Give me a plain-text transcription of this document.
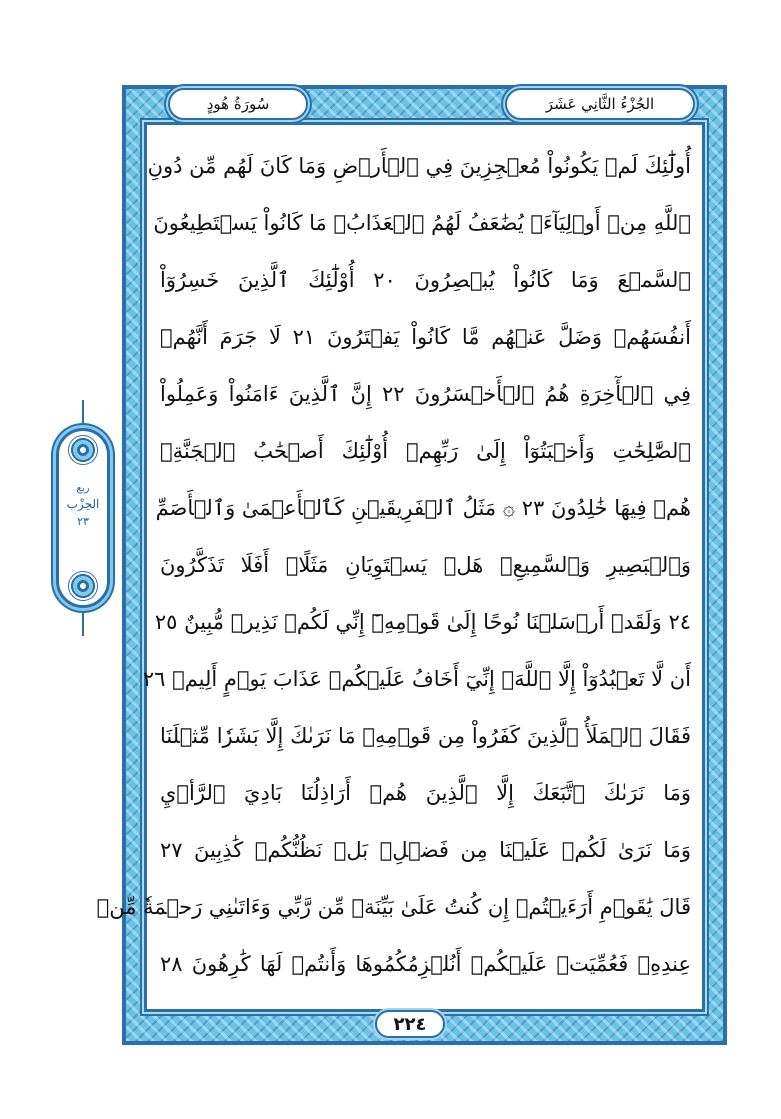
الجُزْءُ الثَّانِي عَشَرَ
سُورَةُ هُودٍ
ربع
الحِزْب
٢٣
أُولَٰٓئِكَ لَمۡ يَكُونُواْ مُعۡجِزِينَ فِي ٱلۡأَرۡضِ وَمَا كَانَ لَهُم مِّن دُونِ
ٱللَّهِ مِنۡ أَوۡلِيَآءَۘ يُضَٰعَفُ لَهُمُ ٱلۡعَذَابُۚ مَا كَانُواْ يَسۡتَطِيعُونَ
ٱلسَّمۡعَ وَمَا كَانُواْ يُبۡصِرُونَ ٢٠ أُوْلَٰٓئِكَ ٱلَّذِينَ خَسِرُوٓاْ
أَنفُسَهُمۡ وَضَلَّ عَنۡهُم مَّا كَانُواْ يَفۡتَرُونَ ٢١ لَا جَرَمَ أَنَّهُمۡ
فِي ٱلۡأٓخِرَةِ هُمُ ٱلۡأَخۡسَرُونَ ٢٢ إِنَّ ٱلَّذِينَ ءَامَنُواْ وَعَمِلُواْ
ٱلصَّٰلِحَٰتِ وَأَخۡبَتُوٓاْ إِلَىٰ رَبِّهِمۡ أُوْلَٰٓئِكَ أَصۡحَٰبُ ٱلۡجَنَّةِۖ
هُمۡ فِيهَا خَٰلِدُونَ ٢٣ ۞ مَثَلُ ٱلۡفَرِيقَيۡنِ كَٱلۡأَعۡمَىٰ وَٱلۡأَصَمِّ
وَٱلۡبَصِيرِ وَٱلسَّمِيعِۚ هَلۡ يَسۡتَوِيَانِ مَثَلًاۚ أَفَلَا تَذَكَّرُونَ
٢٤ وَلَقَدۡ أَرۡسَلۡنَا نُوحًا إِلَىٰ قَوۡمِهِۦٓ إِنِّي لَكُمۡ نَذِيرٞ مُّبِينٌ ٢٥
أَن لَّا تَعۡبُدُوٓاْ إِلَّا ٱللَّهَۖ إِنِّيٓ أَخَافُ عَلَيۡكُمۡ عَذَابَ يَوۡمٍ أَلِيمٖ ٢٦
فَقَالَ ٱلۡمَلَأُ ٱلَّذِينَ كَفَرُواْ مِن قَوۡمِهِۦ مَا نَرَىٰكَ إِلَّا بَشَرٗا مِّثۡلَنَا
وَمَا نَرَىٰكَ ٱتَّبَعَكَ إِلَّا ٱلَّذِينَ هُمۡ أَرَاذِلُنَا بَادِيَ ٱلرَّأۡيِ
وَمَا نَرَىٰ لَكُمۡ عَلَيۡنَا مِن فَضۡلِۭ بَلۡ نَظُنُّكُمۡ كَٰذِبِينَ ٢٧
قَالَ يَٰقَوۡمِ أَرَءَيۡتُمۡ إِن كُنتُ عَلَىٰ بَيِّنَةٖ مِّن رَّبِّي وَءَاتَىٰنِي رَحۡمَةٗ مِّنۡ
عِندِهِۦ فَعُمِّيَتۡ عَلَيۡكُمۡ أَنُلۡزِمُكُمُوهَا وَأَنتُمۡ لَهَا كَٰرِهُونَ ٢٨
٢٢٤
